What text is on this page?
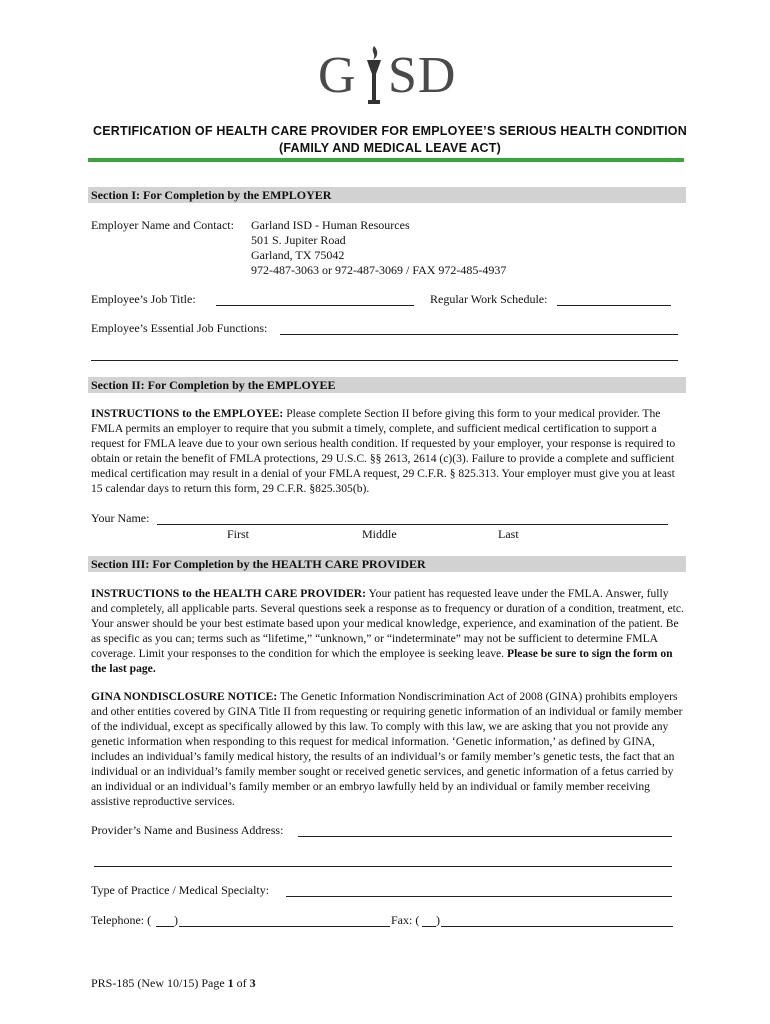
G SD
CERTIFICATION OF HEALTH CARE PROVIDER FOR EMPLOYEE’S SERIOUS HEALTH CONDITION
(FAMILY AND MEDICAL LEAVE ACT)
Section I: For Completion by the EMPLOYER
Employer Name and Contact: Garland ISD - Human Resources
501 S. Jupiter Road
Garland, TX 75042
972-487-3063 or 972-487-3069 / FAX 972-485-4937
Employee’s Job Title:	Regular Work Schedule:
Employee’s Essential Job Functions:
Section II: For Completion by the EMPLOYEE
INSTRUCTIONS to the EMPLOYEE: Please complete Section II before giving this form to your medical provider. The FMLA permits an employer to require that you submit a timely, complete, and sufficient medical certification to support a request for FMLA leave due to your own serious health condition. If requested by your employer, your response is required to obtain or retain the benefit of FMLA protections, 29 U.S.C. §§ 2613, 2614 (c)(3). Failure to provide a complete and sufficient medical certification may result in a denial of your FMLA request, 29 C.F.R. § 825.313. Your employer must give you at least 15 calendar days to return this form, 29 C.F.R. §825.305(b).
Your Name:
First	Middle	Last
Section III: For Completion by the HEALTH CARE PROVIDER
INSTRUCTIONS to the HEALTH CARE PROVIDER: Your patient has requested leave under the FMLA. Answer, fully and completely, all applicable parts. Several questions seek a response as to frequency or duration of a condition, treatment, etc. Your answer should be your best estimate based upon your medical knowledge, experience, and examination of the patient. Be as specific as you can; terms such as “lifetime,” “unknown,” or “indeterminate” may not be sufficient to determine FMLA coverage. Limit your responses to the condition for which the employee is seeking leave. Please be sure to sign the form on the last page.
GINA NONDISCLOSURE NOTICE: The Genetic Information Nondiscrimination Act of 2008 (GINA) prohibits employers and other entities covered by GINA Title II from requesting or requiring genetic information of an individual or family member of the individual, except as specifically allowed by this law. To comply with this law, we are asking that you not provide any genetic information when responding to this request for medical information. ‘Genetic information,’ as defined by GINA, includes an individual’s family medical history, the results of an individual’s or family member’s genetic tests, the fact that an individual or an individual’s family member sought or received genetic services, and genetic information of a fetus carried by an individual or an individual’s family member or an embryo lawfully held by an individual or family member receiving assistive reproductive services.
Provider’s Name and Business Address:
Type of Practice / Medical Specialty:
Telephone: ( )	Fax: ( )
PRS-185 (New 10/15) Page 1 of 3
